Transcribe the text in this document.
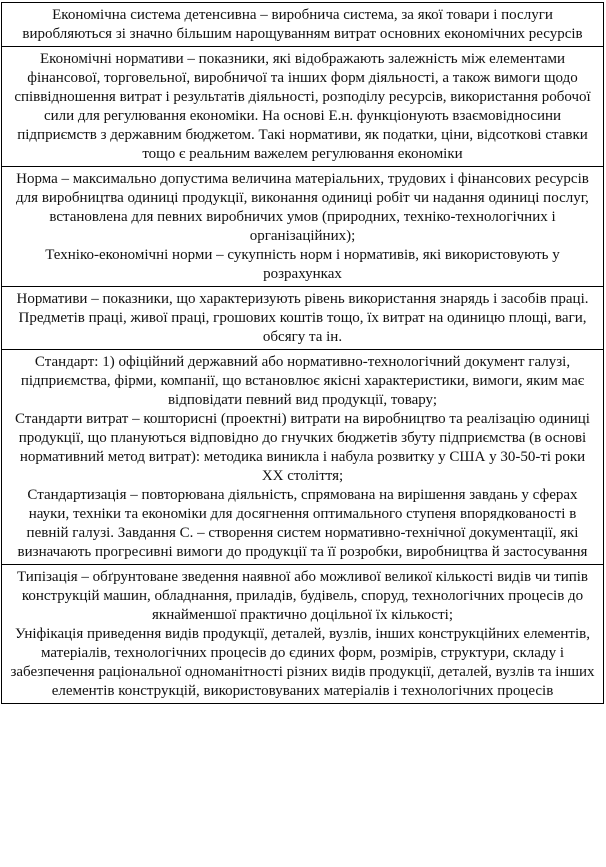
Економічна система детенсивна – виробнича система, за якої товари і послуги виробляються зі значно більшим нарощуванням витрат основних економічних ресурсів

Економічні нормативи – показники, які відображають залежність між елементами фінансової, торговельної, виробничої та інших форм діяльності, а також вимоги щодо співвідношення витрат і результатів діяльності, розподілу ресурсів, використання робочої сили для регулювання економіки. На основі Е.н. функціонують взаємовідносини підприємств з державним бюджетом. Такі нормативи, як податки, ціни, відсоткові ставки тощо є реальним важелем регулювання економіки

Норма – максимально допустима величина матеріальних, трудових і фінансових ресурсів для виробництва одиниці продукції, виконання одиниці робіт чи надання одиниці послуг, встановлена для певних виробничих умов (природних, техніко-технологічних і організаційних);
Техніко-економічні норми – сукупність норм і нормативів, які використовують у розрахунках

Нормативи – показники, що характеризують рівень використання знарядь і засобів праці. Предметів праці, живої праці, грошових коштів тощо, їх витрат на одиницю площі, ваги, обсягу та ін.

Стандарт: 1) офіційний державний або нормативно-технологічний документ галузі, підприємства, фірми, компанії, що встановлює якісні характеристики, вимоги, яким має відповідати певний вид продукції, товару;
Стандарти витрат – кошторисні (проектні) витрати на виробництво та реалізацію одиниці продукції, що плануються відповідно до гнучких бюджетів збуту підприємства (в основі нормативний метод витрат): методика виникла і набула розвитку у США у 30-50-ті роки XX століття;
Стандартизація – повторювана діяльність, спрямована на вирішення завдань у сферах науки, техніки та економіки для досягнення оптимального ступеня впорядкованості в певній галузі. Завдання С. – створення систем нормативно-технічної документації, які визначають прогресивні вимоги до продукції та її розробки, виробництва й застосування

Типізація – обґрунтоване зведення наявної або можливої великої кількості видів чи типів конструкцій машин, обладнання, приладів, будівель, споруд, технологічних процесів до якнайменшої практично доцільної їх кількості;
Уніфікація приведення видів продукції, деталей, вузлів, інших конструкційних елементів, матеріалів, технологічних процесів до єдиних форм, розмірів, структури, складу і забезпечення раціональної одноманітності різних видів продукції, деталей, вузлів та інших елементів конструкцій, використовуваних матеріалів і технологічних процесів
